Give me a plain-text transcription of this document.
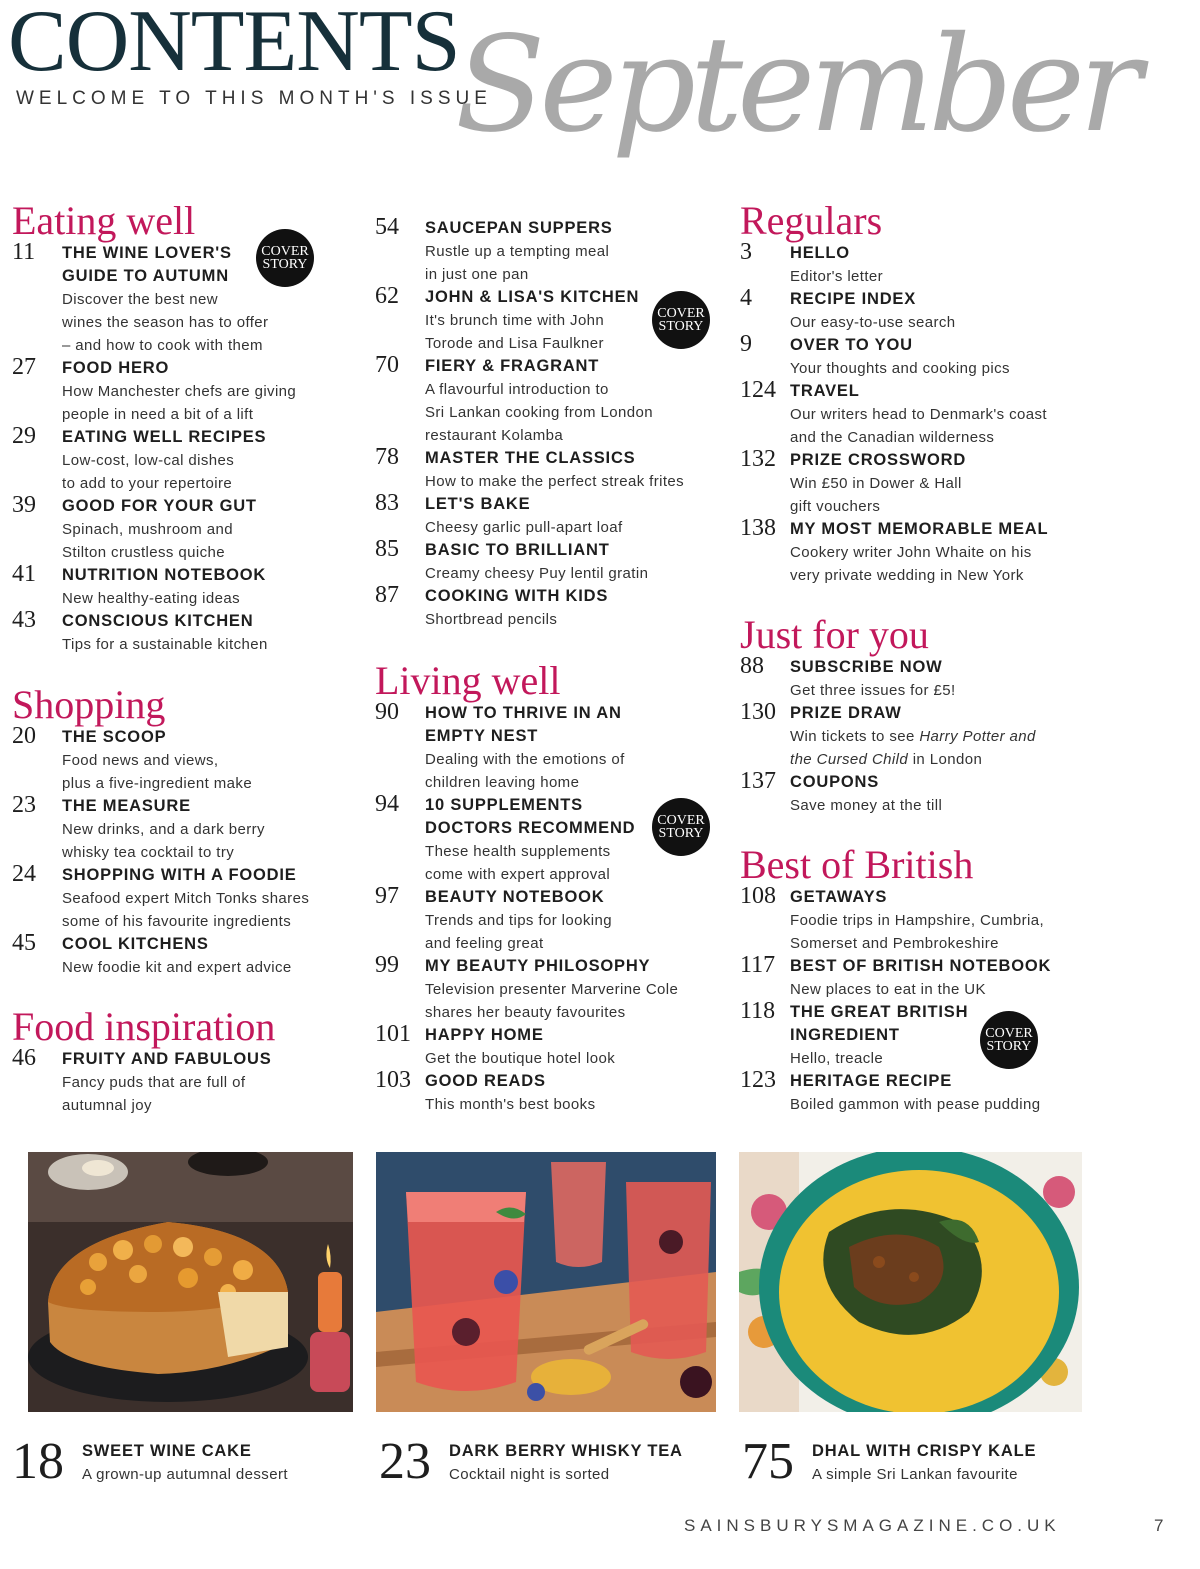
CONTENTS
WELCOME TO THIS MONTH'S ISSUE
September
Eating well
11 THE WINE LOVER'S
GUIDE TO AUTUMN
Discover the best new
wines the season has to offer
– and how to cook with them
27 FOOD HERO
How Manchester chefs are giving
people in need a bit of a lift
29 EATING WELL RECIPES
Low-cost, low-cal dishes
to add to your repertoire
39 GOOD FOR YOUR GUT
Spinach, mushroom and
Stilton crustless quiche
41 NUTRITION NOTEBOOK
New healthy-eating ideas
43 CONSCIOUS KITCHEN
Tips for a sustainable kitchen
COVER
STORY
Shopping
20 THE SCOOP
Food news and views,
plus a five-ingredient make
23 THE MEASURE
New drinks, and a dark berry
whisky tea cocktail to try
24 SHOPPING WITH A FOODIE
Seafood expert Mitch Tonks shares
some of his favourite ingredients
45 COOL KITCHENS
New foodie kit and expert advice
Food inspiration
46 FRUITY AND FABULOUS
Fancy puds that are full of
autumnal joy
54 SAUCEPAN SUPPERS
Rustle up a tempting meal
in just one pan
62 JOHN & LISA'S KITCHEN
It's brunch time with John
Torode and Lisa Faulkner
70 FIERY & FRAGRANT
A flavourful introduction to
Sri Lankan cooking from London
restaurant Kolamba
78 MASTER THE CLASSICS
How to make the perfect streak frites
83 LET'S BAKE
Cheesy garlic pull-apart loaf
85 BASIC TO BRILLIANT
Creamy cheesy Puy lentil gratin
87 COOKING WITH KIDS
Shortbread pencils
COVER
STORY
Living well
90 HOW TO THRIVE IN AN
EMPTY NEST
Dealing with the emotions of
children leaving home
94 10 SUPPLEMENTS
DOCTORS RECOMMEND
These health supplements
come with expert approval
97 BEAUTY NOTEBOOK
Trends and tips for looking
and feeling great
99 MY BEAUTY PHILOSOPHY
Television presenter Marverine Cole
shares her beauty favourites
101 HAPPY HOME
Get the boutique hotel look
103 GOOD READS
This month's best books
COVER
STORY
Regulars
3 HELLO
Editor's letter
4 RECIPE INDEX
Our easy-to-use search
9 OVER TO YOU
Your thoughts and cooking pics
124 TRAVEL
Our writers head to Denmark's coast
and the Canadian wilderness
132 PRIZE CROSSWORD
Win £50 in Dower & Hall
gift vouchers
138 MY MOST MEMORABLE MEAL
Cookery writer John Whaite on his
very private wedding in New York
Just for you
88 SUBSCRIBE NOW
Get three issues for £5!
130 PRIZE DRAW
Win tickets to see Harry Potter and
the Cursed Child in London
137 COUPONS
Save money at the till
Best of British
108 GETAWAYS
Foodie trips in Hampshire, Cumbria,
Somerset and Pembrokeshire
117 BEST OF BRITISH NOTEBOOK
New places to eat in the UK
118 THE GREAT BRITISH
INGREDIENT
Hello, treacle
123 HERITAGE RECIPE
Boiled gammon with pease pudding
COVER
STORY
18 SWEET WINE CAKE
A grown-up autumnal dessert 23 DARK BERRY WHISKY TEA
Cocktail night is sorted	75 DHAL WITH CRISPY KALE
A simple Sri Lankan favourite
SAINSBURYSMAGAZINE.CO.UK	7
